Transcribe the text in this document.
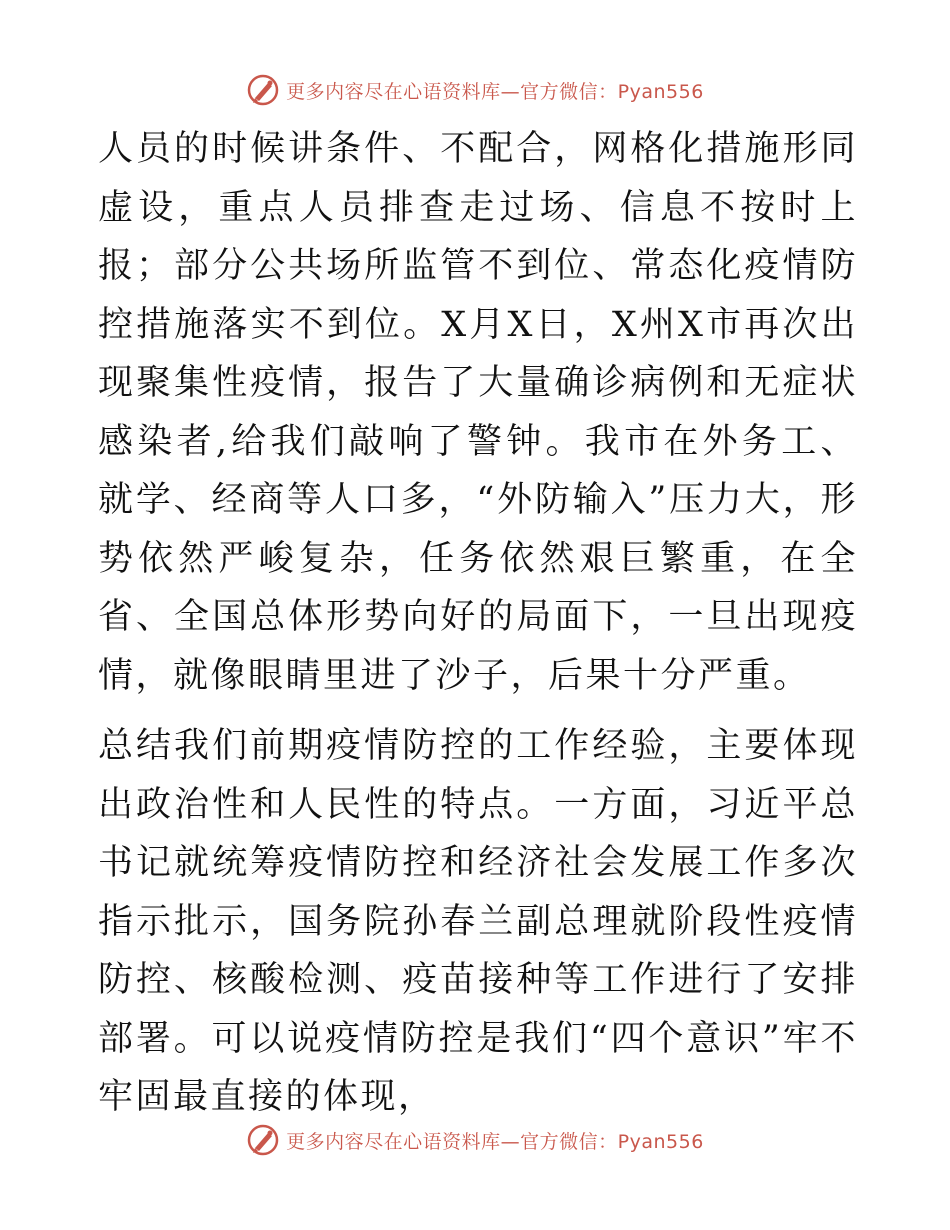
更多内容尽在心语资料库—官方微信：Pyan556

人员的时候讲条件、不配合，网格化措施形同虚设，重点人员排查走过场、信息不按时上报；部分公共场所监管不到位、常态化疫情防控措施落实不到位。X月X日，X州X市再次出现聚集性疫情，报告了大量确诊病例和无症状感染者,给我们敲响了警钟。我市在外务工、就学、经商等人口多，“外防输入”压力大，形势依然严峻复杂，任务依然艰巨繁重，在全省、全国总体形势向好的局面下，一旦出现疫情，就像眼睛里进了沙子，后果十分严重。

总结我们前期疫情防控的工作经验，主要体现出政治性和人民性的特点。一方面，习近平总书记就统筹疫情防控和经济社会发展工作多次指示批示，国务院孙春兰副总理就阶段性疫情防控、核酸检测、疫苗接种等工作进行了安排部署。可以说疫情防控是我们“四个意识”牢不牢固最直接的体现，

更多内容尽在心语资料库—官方微信：Pyan556
